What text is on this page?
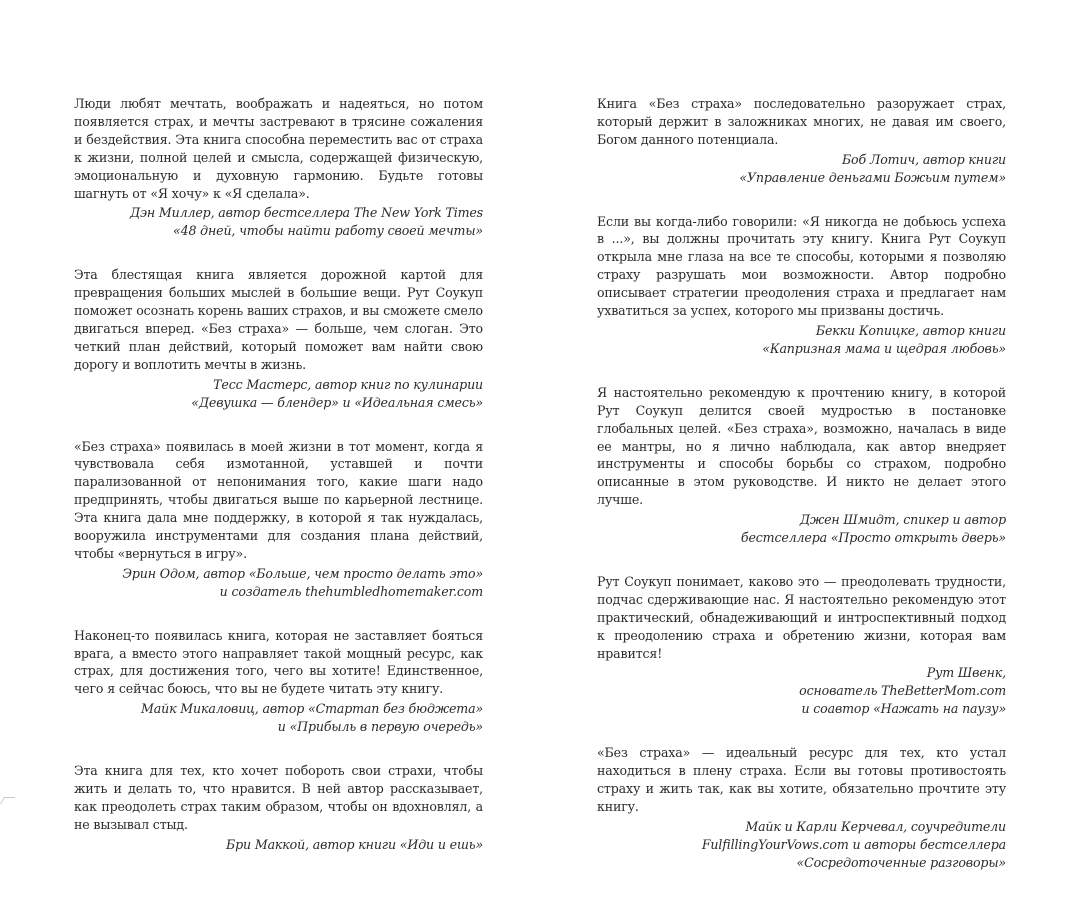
Люди любят мечтать, воображать и надеяться, но потом появляется страх, и мечты застревают в трясине сожаления и бездействия. Эта книга способна переместить вас от страха к жизни, полной целей и смысла, содержащей физическую, эмоциональную и духовную гармонию. Будьте готовы шагнуть от «Я хочу» к «Я сделала».

Дэн Миллер, автор бестселлера The New York Times
«48 дней, чтобы найти работу своей мечты»

Эта блестящая книга является дорожной картой для превращения больших мыслей в большие вещи. Рут Соукуп поможет осознать корень ваших страхов, и вы сможете смело двигаться вперед. «Без страха» — больше, чем слоган. Это четкий план действий, который поможет вам найти свою дорогу и воплотить мечты в жизнь.

Тесс Мастерс, автор книг по кулинарии
«Девушка — блендер» и «Идеальная смесь»

«Без страха» появилась в моей жизни в тот момент, когда я чувствовала себя измотанной, уставшей и почти парализованной от непонимания того, какие шаги надо предпринять, чтобы двигаться выше по карьерной лестнице. Эта книга дала мне поддержку, в которой я так нуждалась, вооружила инструментами для создания плана действий, чтобы «вернуться в игру».

Эрин Одом, автор «Больше, чем просто делать это»
и создатель thehumbledhomemaker.com

Наконец-то появилась книга, которая не заставляет бояться врага, а вместо этого направляет такой мощный ресурс, как страх, для достижения того, чего вы хотите! Единственное, чего я сейчас боюсь, что вы не будете читать эту книгу.

Майк Микаловиц, автор «Стартап без бюджета»
и «Прибыль в первую очередь»

Эта книга для тех, кто хочет побороть свои страхи, чтобы жить и делать то, что нравится. В ней автор рассказывает, как преодолеть страх таким образом, чтобы он вдохновлял, а не вызывал стыд.

Бри Маккой, автор книги «Иди и ешь»

Книга «Без страха» последовательно разоружает страх, который держит в заложниках многих, не давая им своего, Богом данного потенциала.

Боб Лотич, автор книги
«Управление деньгами Божьим путем»

Если вы когда-либо говорили: «Я никогда не добьюсь успеха в ...», вы должны прочитать эту книгу. Книга Рут Соукуп открыла мне глаза на все те способы, которыми я позволяю страху разрушать мои возможности. Автор подробно описывает стратегии преодоления страха и предлагает нам ухватиться за успех, которого мы призваны достичь.

Бекки Копицке, автор книги
«Капризная мама и щедрая любовь»

Я настоятельно рекомендую к прочтению книгу, в которой Рут Соукуп делится своей мудростью в постановке глобальных целей. «Без страха», возможно, началась в виде ее мантры, но я лично наблюдала, как автор внедряет инструменты и способы борьбы со страхом, подробно описанные в этом руководстве. И никто не делает этого лучше.

Джен Шмидт, спикер и автор
бестселлера «Просто открыть дверь»

Рут Соукуп понимает, каково это — преодолевать трудности, подчас сдерживающие нас. Я настоятельно рекомендую этот практический, обнадеживающий и интроспективный подход к преодолению страха и обретению жизни, которая вам нравится!

Рут Швенк,
основатель TheBetterMom.com
и соавтор «Нажать на паузу»

«Без страха» — идеальный ресурс для тех, кто устал находиться в плену страха. Если вы готовы противостоять страху и жить так, как вы хотите, обязательно прочтите эту книгу.

Майк и Карли Керчевал, соучредители
FulfillingYourVows.com и авторы бестселлера
«Сосредоточенные разговоры»
